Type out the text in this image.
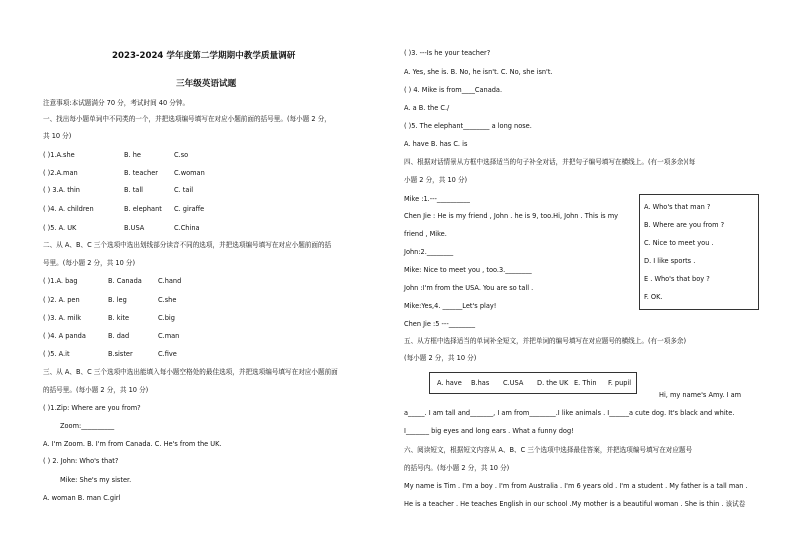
2023-2024 学年度第二学期期中教学质量调研
三年级英语试题
注意事项:本试题满分 70 分，考试时间 40 分钟。
一、找出每小题单词中不同类的一个，并把选项编号填写在对应小题前面的括号里。(每小题 2 分，
共 10 分)
( )1.A.she	B. he	C.so
( )2.A.man	B. teacher C.woman
( ) 3.A. thin	B. tall	C. tail
( )4. A. children	B. elephant C. giraffe
( )5. A. UK	B.USA	C.China
二、从 A、B、C 三个选项中选出划线部分读音不同的选项，并把选项编号填写在对应小题前面的括
号里。(每小题 2 分，共 10 分)
( )1.A. bag	B. Canada C.hand
( )2. A. pen	B. leg	C.she
( )3. A. milk	B. kite	C.big
( )4. A panda	B. dad	C.man
( )5. A.it	B.sister	C.five
三、从 A、B、C 三个选项中选出能填入每小题空格处的最佳选项，并把选项编号填写在对应小题前面
的括号里。(每小题 2 分，共 10 分)
( )1.Zip: Where are you from?
Zoom:__________
A. I'm Zoom. B. I'm from Canada. C. He's from the UK.
( ) 2. John: Who's that?
Mike: She's my sister.
A. woman B. man C.girl
( )3. ---Is he your teacher?
A. Yes, she is. B. No, he isn't. C. No, she isn't.
( ) 4. Mike is from____Canada.
A. a B. the C./
( )5. The elephant________ a long nose.
A. have B. has C. is
四、根据对话情景从方框中选择适当的句子补全对话，并把句子编号填写在横线上。(有一项多余)(每
小题 2 分，共 10 分)
Mike :1.---__________
Chen Jie : He is my friend , John . he is 9, too.Hi, John . This is my
friend , Mike.
John:2.________
Mike: Nice to meet you , too.3.________
John :I'm from the USA. You are so tall .
Mike:Yes,4. ______Let's play!
Chen Jie :5 ---________
A. Who's that man ?
B. Where are you from ?
C. Nice to meet you .
D. I like sports .
E . Who's that boy ?
F. OK.
五、从方框中选择适当的单词补全短文，并把单词的编号填写在对应题号的横线上。(有一项多余)
(每小题 2 分，共 10 分)
A. have B.has C.USA D. the UK E. Thin F. pupil
Hi, my name's Amy. I am
a_____. I am tall and_______, I am from________.I like animals . I______a cute dog. It's black and white.
I_______ big eyes and long ears . What a funny dog!
六、阅读短文，根据短文内容从 A、B、C 三个选项中选择最佳答案，并把选项编号填写在对应题号
的括号内。(每小题 2 分，共 10 分)
My name is Tim . I'm a boy . I'm from Australia . I'm 6 years old . I'm a student . My father is a tall man .
He is a teacher . He teaches English in our school .My mother is a beautiful woman . She is thin . 该试卷
